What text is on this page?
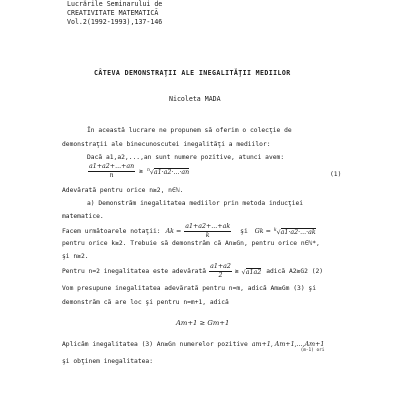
Lucrările Seminarului de
CREATIVITATE MATEMATICĂ
Vol.2(1992-1993),137-146
CÂTEVA DEMONSTRAŢII ALE INEGALITĂŢII MEDIILOR
Nicoleta MADA
În această lucrare ne propunem să oferim o colecţie de
demonstraţii ale binecunoscutei inegalităţi a mediilor:
Dacă a1,a2,...,an sunt numere pozitive, atunci avem:
$\frac{a1+a2+...+an}{n} \ge ^n√a1\cdot a2\cdot...\cdot an$	(1)
Adevărată pentru orice n≥2, n∈ℕ.
a) Demonstrăm inegalitatea mediilor prin metoda inducţiei
matematice.
Facem următoarele notaţii: $Ak = \frac{a1+a2+...+ak}{k}$ şi Gk = $^k$√a1·a2·...·ak
pentru orice k≥2. Trebuie să demonstrăm că An≥Gn, pentru orice n∈ℕ*,
şi n≥2.
Pentru n=2 inegalitatea este adevărată $\frac{a1+a2}{2} \ge √a1a2$ adică A2≥G2 (2)
Vom presupune inegalitatea adevărată pentru n=m, adică Am≥Gm (3) şi
demonstrăm că are loc şi pentru n=m+1, adică
Am+1 ≥ Gm+1
Aplicăm inegalitatea (3) An≥Gn numerelor pozitive am+1, Am+1,...,Am+1
(m-1) ori
şi obţinem inegalitatea:
